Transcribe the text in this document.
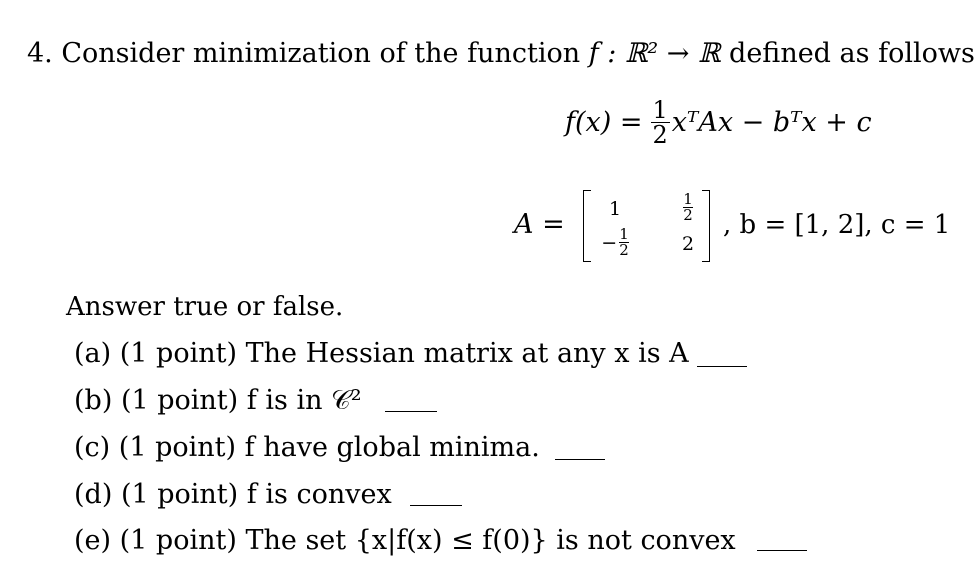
4. Consider minimization of the function f : ℝ² → ℝ defined as follows
$f(x) = \frac{1}{2}$ xᵀAx − bᵀx + c
A = 1	1
2
− $\frac{1}{2}$	2
, b = [1, 2], c = 1
Answer true or false.
(a) (1 point) The Hessian matrix at any x is A
(b) (1 point) f is in 𝒞²
(c) (1 point) f have global minima.
(d) (1 point) f is convex
(e) (1 point) The set {x|f(x) ≤ f(0)} is not convex
